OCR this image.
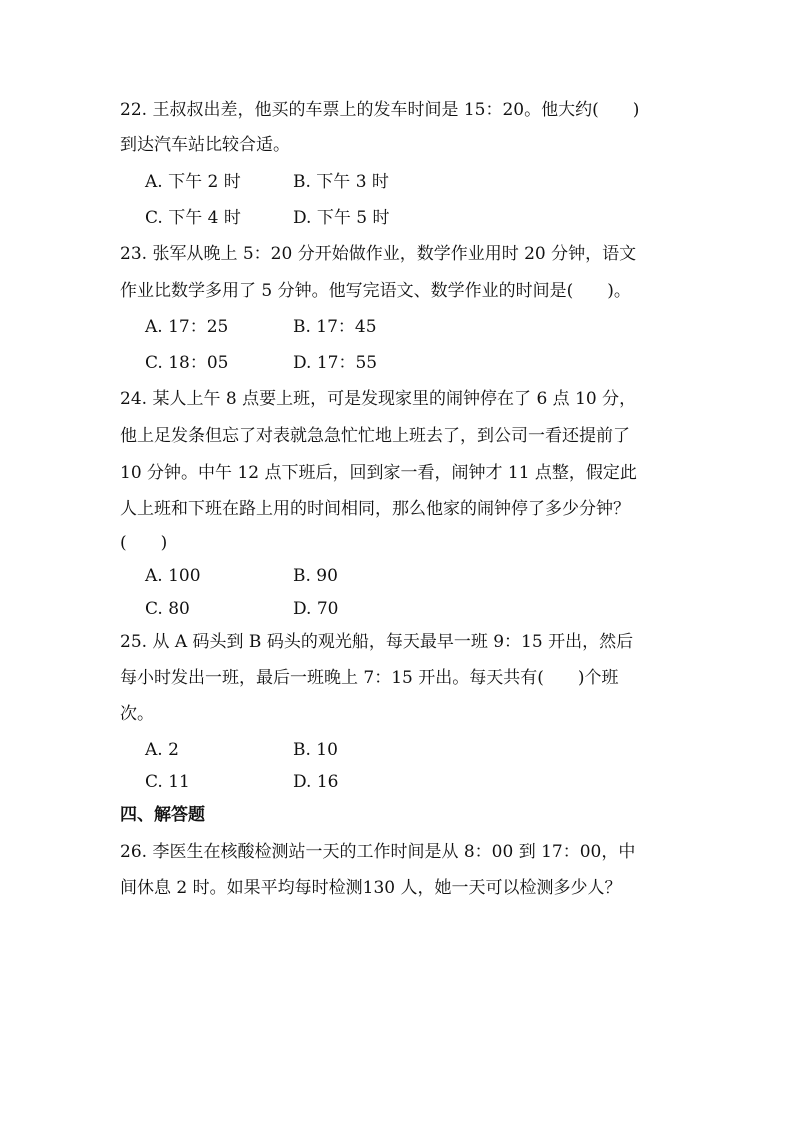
22. 王叔叔出差，他买的车票上的发车时间是 15：20。他大约(　　)
到达汽车站比较合适。
A. 下午 2 时	B. 下午 3 时
C. 下午 4 时	D. 下午 5 时
23. 张军从晚上 5：20 分开始做作业，数学作业用时 20 分钟，语文
作业比数学多用了 5 分钟。他写完语文、数学作业的时间是(　　)。
A. 17：25	B. 17：45
C. 18：05	D. 17：55
24. 某人上午 8 点要上班，可是发现家里的闹钟停在了 6 点 10 分，
他上足发条但忘了对表就急急忙忙地上班去了，到公司一看还提前了
10 分钟。中午 12 点下班后，回到家一看，闹钟才 11 点整，假定此
人上班和下班在路上用的时间相同，那么他家的闹钟停了多少分钟？
(　　)
A. 100	B. 90
C. 80	D. 70
25. 从 A 码头到 B 码头的观光船，每天最早一班 9：15 开出，然后
每小时发出一班，最后一班晚上 7：15 开出。每天共有(　　)个班
次。
A. 2	B. 10
C. 11	D. 16
四、解答题
26. 李医生在核酸检测站一天的工作时间是从 8：00 到 17：00，中
间休息 2 时。如果平均每时检测130 人，她一天可以检测多少人？
